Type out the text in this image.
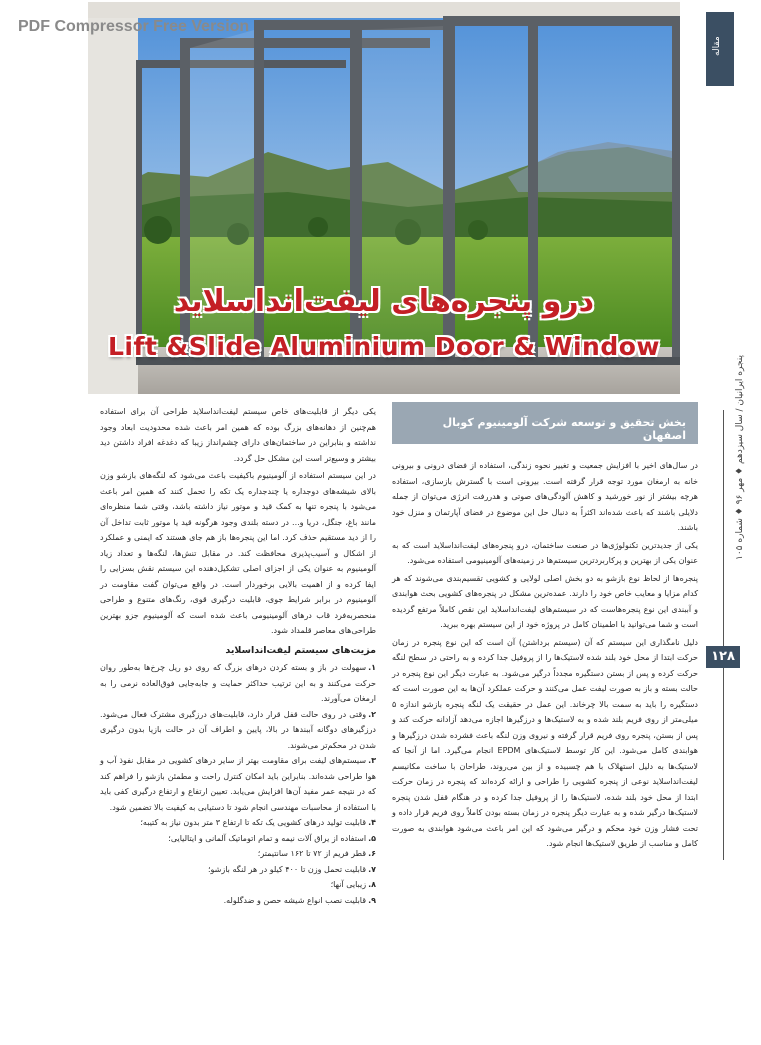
PDF Compressor Free Version
درو پنجره‌های لیفت‌انداسلاید
Lift &Slide Aluminium Door & Window
مقاله
پنجره ایرانیان / سال سیزدهم ♦ مهر ۹۶ ♦ شماره ۱۰۵
۱۲۸
بخش تحقیق و توسعه شرکت آلومینیوم کوبال اصفهان

در سال‌های اخیر با افزایش جمعیت و تغییر نحوه زندگی، استفاده از فضای درونی و بیرونی خانه به ارمغان مورد توجه قرار گرفته است. بیرونی است با گسترش بازسازی، استفاده هرچه بیشتر از نور خورشید و کاهش آلودگی‌های صوتی و هدررفت انرژی می‌توان از جمله دلایلی باشند که باعث شده‌اند اکثراً به دنبال حل این موضوع در فضای آپارتمان و منزل خود باشند.

یکی از جدیدترین تکنولوژی‌ها در صنعت ساختمان، درو پنجره‌های لیفت‌انداسلاید است که به عنوان یکی از بهترین و پرکاربردترین سیستم‌ها در زمینه‌های آلومینیومی استفاده می‌شود.

پنجره‌ها از لحاظ نوع بازشو به دو بخش اصلی لولایی و کشویی تقسیم‌بندی می‌شوند که هر کدام مزایا و معایب خاص خود را دارند. عمده‌ترین مشکل در پنجره‌های کشویی بحث هوابندی و آببندی این نوع پنجره‌هاست که در سیستم‌های لیفت‌انداسلاید این نقص کاملاً مرتفع گردیده است و شما می‌توانید با اطمینان کامل در پروژه خود از این سیستم بهره ببرید.

دلیل نامگذاری این سیستم که آن (سیستم برداشتن) آن است که این نوع پنجره در زمان حرکت ابتدا از محل خود بلند شده لاستیک‌ها را از پروفیل جدا کرده و به راحتی در سطح لنگه حرکت کرده و پس از بستن دستگیره مجدداً درگیر می‌شود. به عبارت دیگر این نوع پنجره در حالت بسته و باز به صورت لیفت عمل می‌کنند و حرکت عملکرد آن‌ها به این صورت است که دستگیره را باید به سمت بالا چرخاند. این عمل در حقیقت یک لنگه پنجره بازشو اندازه ۵ میلی‌متر از روی فریم بلند شده و به لاستیک‌ها و درزگیرها اجازه می‌دهد آزادانه حرکت کند و پس از بستن، پنجره روی فریم قرار گرفته و نیروی وزن لنگه باعث فشرده شدن درزگیرها و هوابندی کامل می‌شود. این کار توسط لاستیک‌های EPDM انجام می‌گیرد. اما از آنجا که لاستیک‌ها به دلیل استهلاک با هم چسبیده و از بین می‌روند، طراحان با ساخت مکانیسم لیفت‌انداسلاید نوعی از پنجره کشویی را طراحی و ارائه کرده‌اند که پنجره در زمان حرکت ابتدا از محل خود بلند شده، لاستیک‌ها را از پروفیل جدا کرده و در هنگام قفل شدن پنجره لاستیک‌ها درگیر شده و به عبارت دیگر پنجره در زمان بسته بودن کاملاً روی فریم قرار داده و تحت فشار وزن خود محکم و درگیر می‌شود که این امر باعث می‌شود هوابندی به صورت کامل و مناسب از طریق لاستیک‌ها انجام شود.

یکی دیگر از قابلیت‌های خاص سیستم لیفت‌انداسلاید طراحی آن برای استفاده هم‌چنین از دهانه‌های بزرگ بوده که همین امر باعث شده محدودیت ابعاد وجود نداشته و بنابراین در ساختمان‌های دارای چشم‌انداز زیبا که دغدغه افراد داشتن دید بیشتر و وسیع‌تر است این مشکل حل گردد.

در این سیستم استفاده از آلومینیوم باکیفیت باعث می‌شود که لنگه‌های بازشو وزن بالای شیشه‌های دوجداره یا چندجداره یک تکه را تحمل کنند که همین امر باعث می‌شود با پنجره تنها به کمک قید و موتور نیاز داشته باشد، وقتی شما منظره‌ای مانند باغ، جنگل، دریا و... در دسته بلندی وجود هرگونه قید یا موتور ثابت تداخل آن را از دید مستقیم حذف کرد. اما این پنجره‌ها باز هم جای هستند که ایمنی و عملکرد از اشکال و آسیب‌پذیری محافظت کند. در مقابل تنش‌ها، لنگه‌ها و تعداد زیاد آلومینیوم به عنوان یکی از اجزای اصلی تشکیل‌دهنده این سیستم نقش بسزایی را ایفا کرده و از اهمیت بالایی برخوردار است. در واقع می‌توان گفت مقاومت در آلومینیوم در برابر شرایط جوی، قابلیت درگیری قوی، رنگ‌های متنوع و طراحی منحصربه‌فرد قاب درهای آلومینیومی باعث شده است که آلومینیوم جزو بهترین طراحی‌های معاصر قلمداد شود.

مزیت‌های سیستم لیفت‌انداسلاید
۱.سهولت در باز و بسته کردن درهای بزرگ که روی دو ریل چرخ‌ها به‌طور روان حرکت می‌کنند و به این ترتیب حداکثر حمایت و جابه‌جایی فوق‌العاده نرمی را به ارمغان می‌آورند.
۲.وقتی در روی حالت قفل قرار دارد، قابلیت‌های درزگیری مشترک فعال می‌شود. درزگیرهای دوگانه آببندها در بالا، پایین و اطراف آن در حالت بازیا بدون درگیری شدن در محکم‌تر می‌شوند.
۳.سیستم‌های لیفت برای مقاومت بهتر از سایر درهای کشویی در مقابل نفوذ آب و هوا طراحی شده‌اند. بنابراین باید امکان کنترل راحت و مطمئن بازشو را فراهم کند که در نتیجه عمر مفید آن‌ها افزایش می‌یابد. تعیین ارتفاع و ارتفاع درگیری کفی باید با استفاده از محاسبات مهندسی انجام شود تا دستیابی به کیفیت بالا تضمین شود.
۴.قابلیت تولید درهای کشویی یک تکه تا ارتفاع ۳ متر بدون نیاز به کتیبه؛
۵.استفاده از یراق آلات نیمه و تمام اتوماتیک آلمانی و ایتالیایی؛
۶.قطر فریم از ۷۲ تا ۱۶۲ سانتیمتر؛
۷.قابلیت تحمل وزن تا ۴۰۰ کیلو در هر لنگه بازشو؛
۸.زیبایی آنها؛
۹.قابلیت نصب انواع شیشه حصن و ضدگلوله.
